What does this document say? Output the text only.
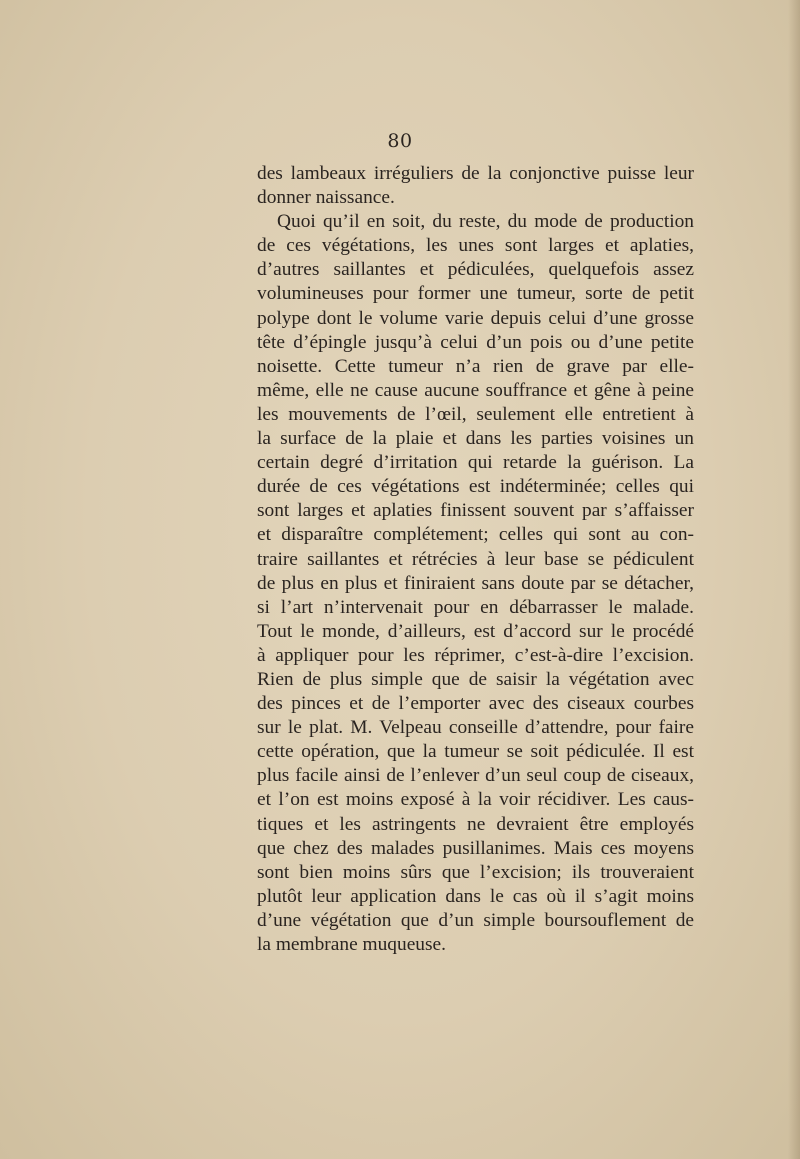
80
des lambeaux irréguliers de la conjonctive puisse leur
donner naissance.
Quoi qu’il en soit, du reste, du mode de production
de ces végétations, les unes sont larges et aplaties,
d’autres saillantes et pédiculées, quelquefois assez
volumineuses pour former une tumeur, sorte de petit
polype dont le volume varie depuis celui d’une grosse
tête d’épingle jusqu’à celui d’un pois ou d’une petite
noisette. Cette tumeur n’a rien de grave par elle-
même, elle ne cause aucune souffrance et gêne à peine
les mouvements de l’œil, seulement elle entretient à
la surface de la plaie et dans les parties voisines un
certain degré d’irritation qui retarde la guérison. La
durée de ces végétations est indéterminée; celles qui
sont larges et aplaties finissent souvent par s’affaisser
et disparaître complétement; celles qui sont au con-
traire saillantes et rétrécies à leur base se pédiculent
de plus en plus et finiraient sans doute par se détacher,
si l’art n’intervenait pour en débarrasser le malade.
Tout le monde, d’ailleurs, est d’accord sur le procédé
à appliquer pour les réprimer, c’est-à-dire l’excision.
Rien de plus simple que de saisir la végétation avec
des pinces et de l’emporter avec des ciseaux courbes
sur le plat. M. Velpeau conseille d’attendre, pour faire
cette opération, que la tumeur se soit pédiculée. Il est
plus facile ainsi de l’enlever d’un seul coup de ciseaux,
et l’on est moins exposé à la voir récidiver. Les caus-
tiques et les astringents ne devraient être employés
que chez des malades pusillanimes. Mais ces moyens
sont bien moins sûrs que l’excision; ils trouveraient
plutôt leur application dans le cas où il s’agit moins
d’une végétation que d’un simple boursouflement de
la membrane muqueuse.
